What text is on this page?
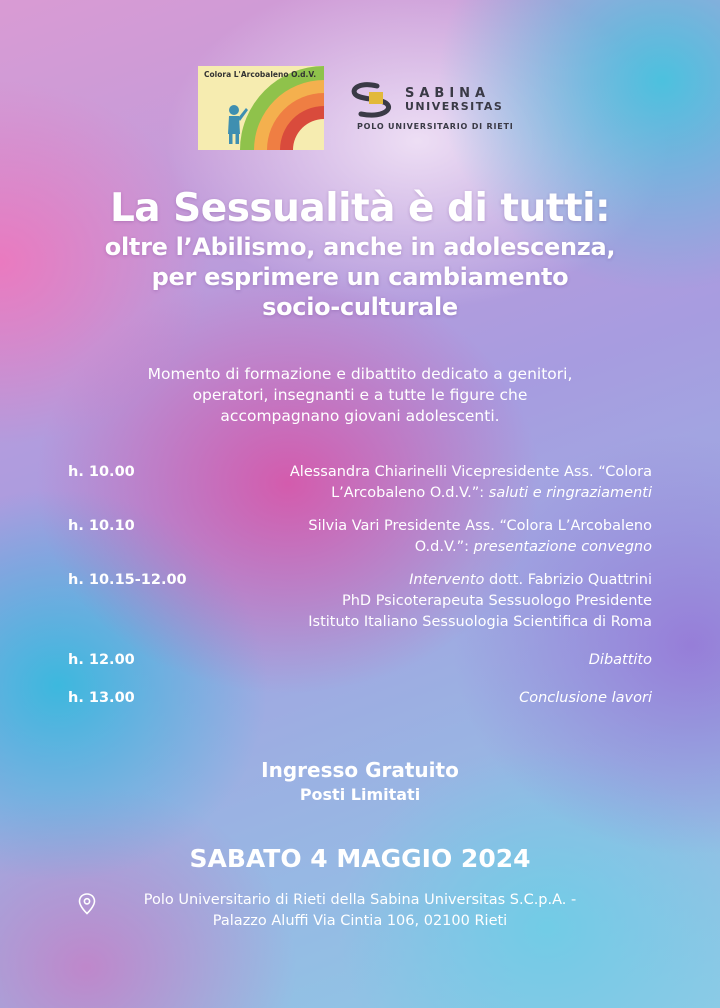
Colora L'Arcobaleno O.d.V.
SABINA
UNIVERSITAS
POLO UNIVERSITARIO DI RIETI
La Sessualità è di tutti:
oltre l’Abilismo, anche in adolescenza,
per esprimere un cambiamento
socio-culturale
Momento di formazione e dibattito dedicato a genitori,
operatori, insegnanti e a tutte le figure che
accompagnano giovani adolescenti.
h. 10.00	Alessandra Chiarinelli Vicepresidente Ass. “Colora
L’Arcobaleno O.d.V.”: saluti e ringraziamenti
h. 10.10	Silvia Vari Presidente Ass. “Colora L’Arcobaleno
O.d.V.”: presentazione convegno
h. 10.15-12.00	Intervento dott. Fabrizio Quattrini
PhD Psicoterapeuta Sessuologo Presidente
Istituto Italiano Sessuologia Scientifica di Roma
h. 12.00	Dibattito
h. 13.00	Conclusione lavori
Ingresso Gratuito
Posti Limitati
SABATO 4 MAGGIO 2024
Polo Universitario di Rieti della Sabina Universitas S.C.p.A. -
Palazzo Aluffi Via Cintia 106, 02100 Rieti
